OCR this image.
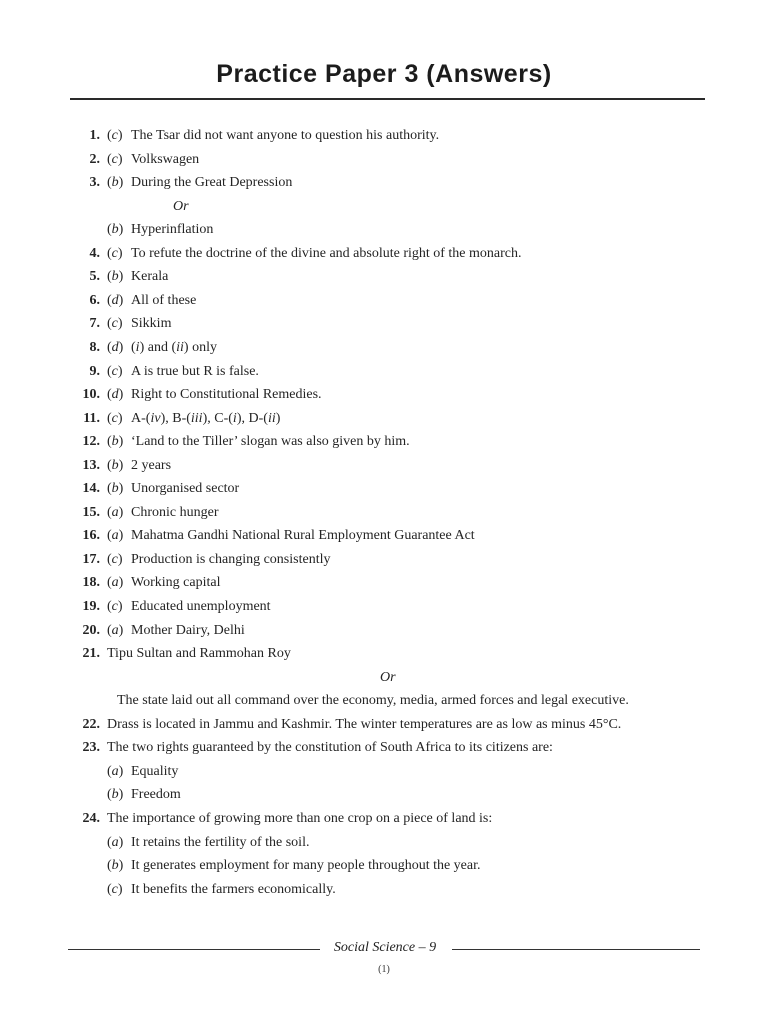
Practice Paper 3 (Answers)
1. (c) The Tsar did not want anyone to question his authority.
2. (c) Volkswagen
3. (b) During the Great Depression
Or
(b) Hyperinflation
4. (c) To refute the doctrine of the divine and absolute right of the monarch.
5. (b) Kerala
6. (d) All of these
7. (c) Sikkim
8. (d) (i) and (ii) only
9. (c) A is true but R is false.
10. (d) Right to Constitutional Remedies.
11. (c) A-(iv), B-(iii), C-(i), D-(ii)
12. (b) ‘Land to the Tiller’ slogan was also given by him.
13. (b) 2 years
14. (b) Unorganised sector
15. (a) Chronic hunger
16. (a) Mahatma Gandhi National Rural Employment Guarantee Act
17. (c) Production is changing consistently
18. (a) Working capital
19. (c) Educated unemployment
20. (a) Mother Dairy, Delhi
21. Tipu Sultan and Rammohan Roy
Or
The state laid out all command over the economy, media, armed forces and legal executive.
22. Drass is located in Jammu and Kashmir. The winter temperatures are as low as minus 45°C.
23. The two rights guaranteed by the constitution of South Africa to its citizens are:
(a) Equality
(b) Freedom
24. The importance of growing more than one crop on a piece of land is:
(a) It retains the fertility of the soil.
(b) It generates employment for many people throughout the year.
(c) It benefits the farmers economically.
Social Science – 9
(1)
